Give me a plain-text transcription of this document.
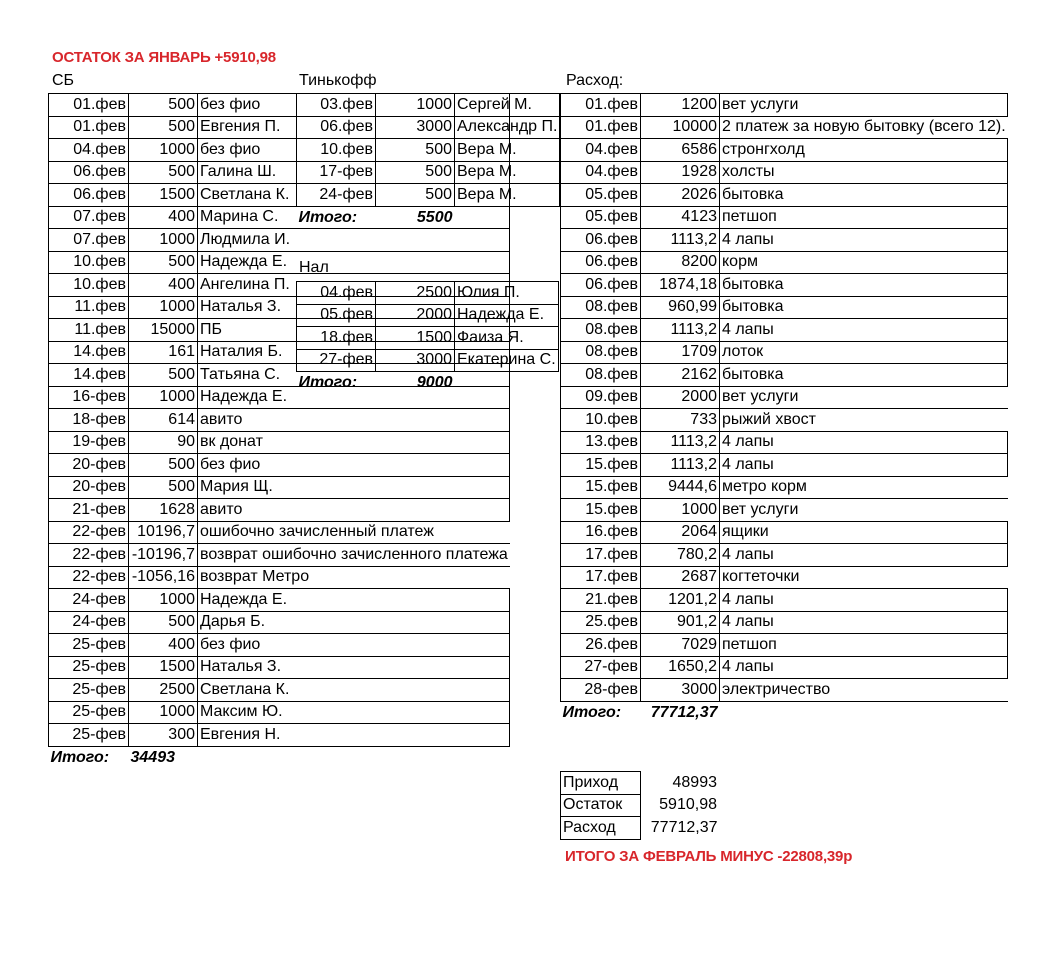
ОСТАТОК ЗА ЯНВАРЬ +5910,98
СБ	Тинькофф	Расход:
01.фев	500	без фио
01.фев	500	Евгения П.
04.фев	1000	без фио
06.фев	500	Галина Ш.
06.фев	1500	Светлана К.
07.фев	400	Марина С.
07.фев	1000	Людмила И.
10.фев	500	Надежда Е.
10.фев	400	Ангелина П.
11.фев	1000	Наталья З.
11.фев	15000	ПБ
14.фев	161	Наталия Б.
14.фев	500	Татьяна С.
16-фев	1000	Надежда Е.
18-фев	614	авито
19-фев	90	вк донат
20-фев	500	без фио
20-фев	500	Мария Щ.
21-фев	1628	авито
22-фев	10196,7	ошибочно зачисленный платеж
22-фев	-10196,7	возврат ошибочно зачисленного платежа
22-фев	-1056,16	возврат Метро
24-фев	1000	Надежда Е.
24-фев	500	Дарья Б.
25-фев	400	без фио
25-фев	1500	Наталья З.
25-фев	2500	Светлана К.
25-фев	1000	Максим Ю.
25-фев	300	Евгения Н.
Итого:	34493	
03.фев	1000	Сергей М.
06.фев	3000	Александр П.
10.фев	500	Вера М.
17-фев	500	Вера М.
24-фев	500	Вера М.
Итого:	5500	
Нал
04.фев	2500	Юлия П.
05.фев	2000	Надежда Е.
18.фев	1500	Фаиза Я.
27-фев	3000	Екатерина С.
Итого:	9000	
01.фев	1200	вет услуги
01.фев	10000	2 платеж за новую бытовку (всего 12).
04.фев	6586	стронгхолд
04.фев	1928	холсты
05.фев	2026	бытовка
05.фев	4123	петшоп
06.фев	1113,2	4 лапы
06.фев	8200	корм
06.фев	1874,18	бытовка
08.фев	960,99	бытовка
08.фев	1113,2	4 лапы
08.фев	1709	лоток
08.фев	2162	бытовка
09.фев	2000	вет услуги
10.фев	733	рыжий хвост
13.фев	1113,2	4 лапы
15.фев	1113,2	4 лапы
15.фев	9444,6	метро корм
15.фев	1000	вет услуги
16.фев	2064	ящики
17.фев	780,2	4 лапы
17.фев	2687	когтеточки
21.фев	1201,2	4 лапы
25.фев	901,2	4 лапы
26.фев	7029	петшоп
27-фев	1650,2	4 лапы
28-фев	3000	электричество
Итого:	77712,37	
Приход	48993
Остаток	5910,98
Расход	77712,37
ИТОГО ЗА ФЕВРАЛЬ МИНУС -22808,39р
